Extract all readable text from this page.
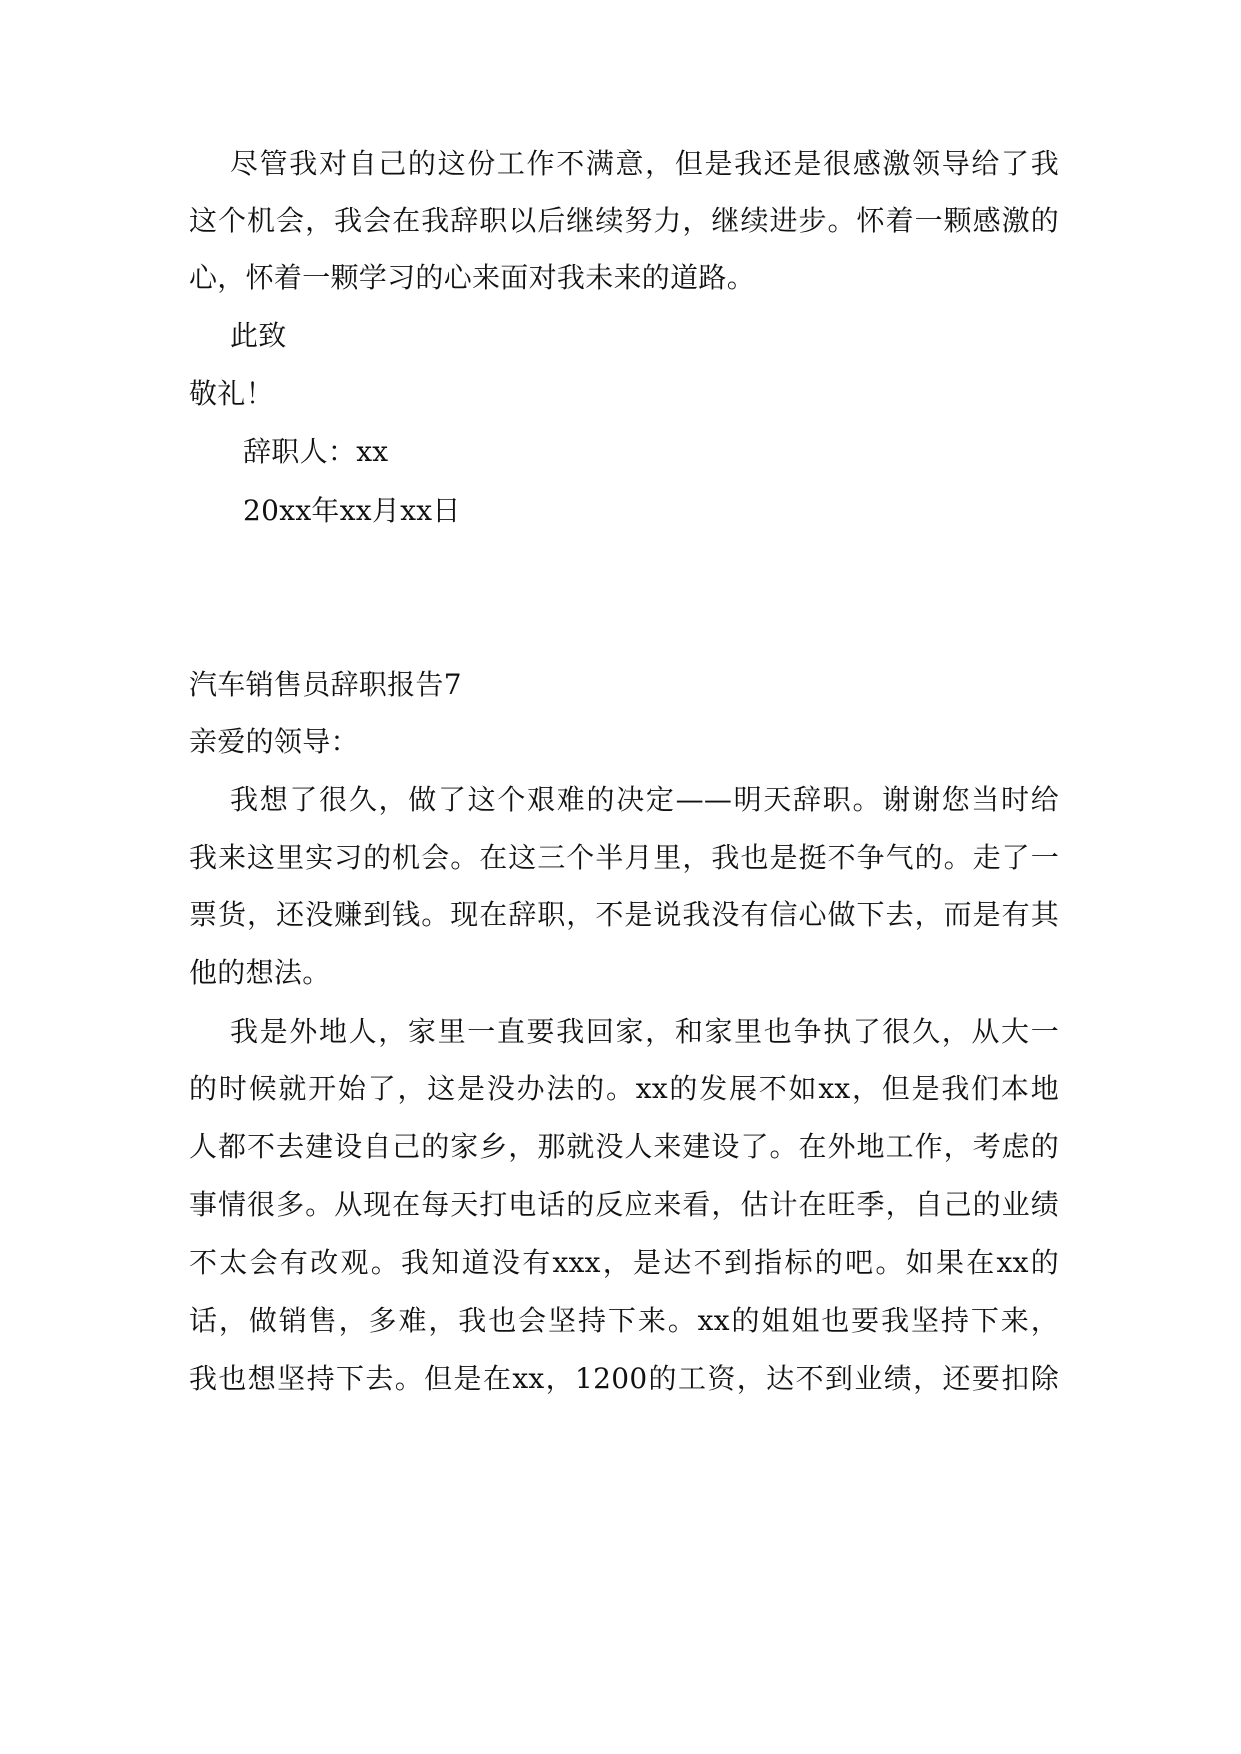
尽管我对自己的这份工作不满意，但是我还是很感激领导给了我

这个机会，我会在我辞职以后继续努力，继续进步。怀着一颗感激的

心，怀着一颗学习的心来面对我未来的道路。

此致

敬礼！

辞职人：xx

20xx年xx月xx日

汽车销售员辞职报告7

亲爱的领导：

我想了很久，做了这个艰难的决定——明天辞职。谢谢您当时给

我来这里实习的机会。在这三个半月里，我也是挺不争气的。走了一

票货，还没赚到钱。现在辞职，不是说我没有信心做下去，而是有其

他的想法。

我是外地人，家里一直要我回家，和家里也争执了很久，从大一

的时候就开始了，这是没办法的。xx的发展不如xx，但是我们本地

人都不去建设自己的家乡，那就没人来建设了。在外地工作，考虑的

事情很多。从现在每天打电话的反应来看，估计在旺季，自己的业绩

不太会有改观。我知道没有xxx，是达不到指标的吧。如果在xx的

话，做销售，多难，我也会坚持下来。xx的姐姐也要我坚持下来，

我也想坚持下去。但是在xx，1200的工资，达不到业绩，还要扣除
